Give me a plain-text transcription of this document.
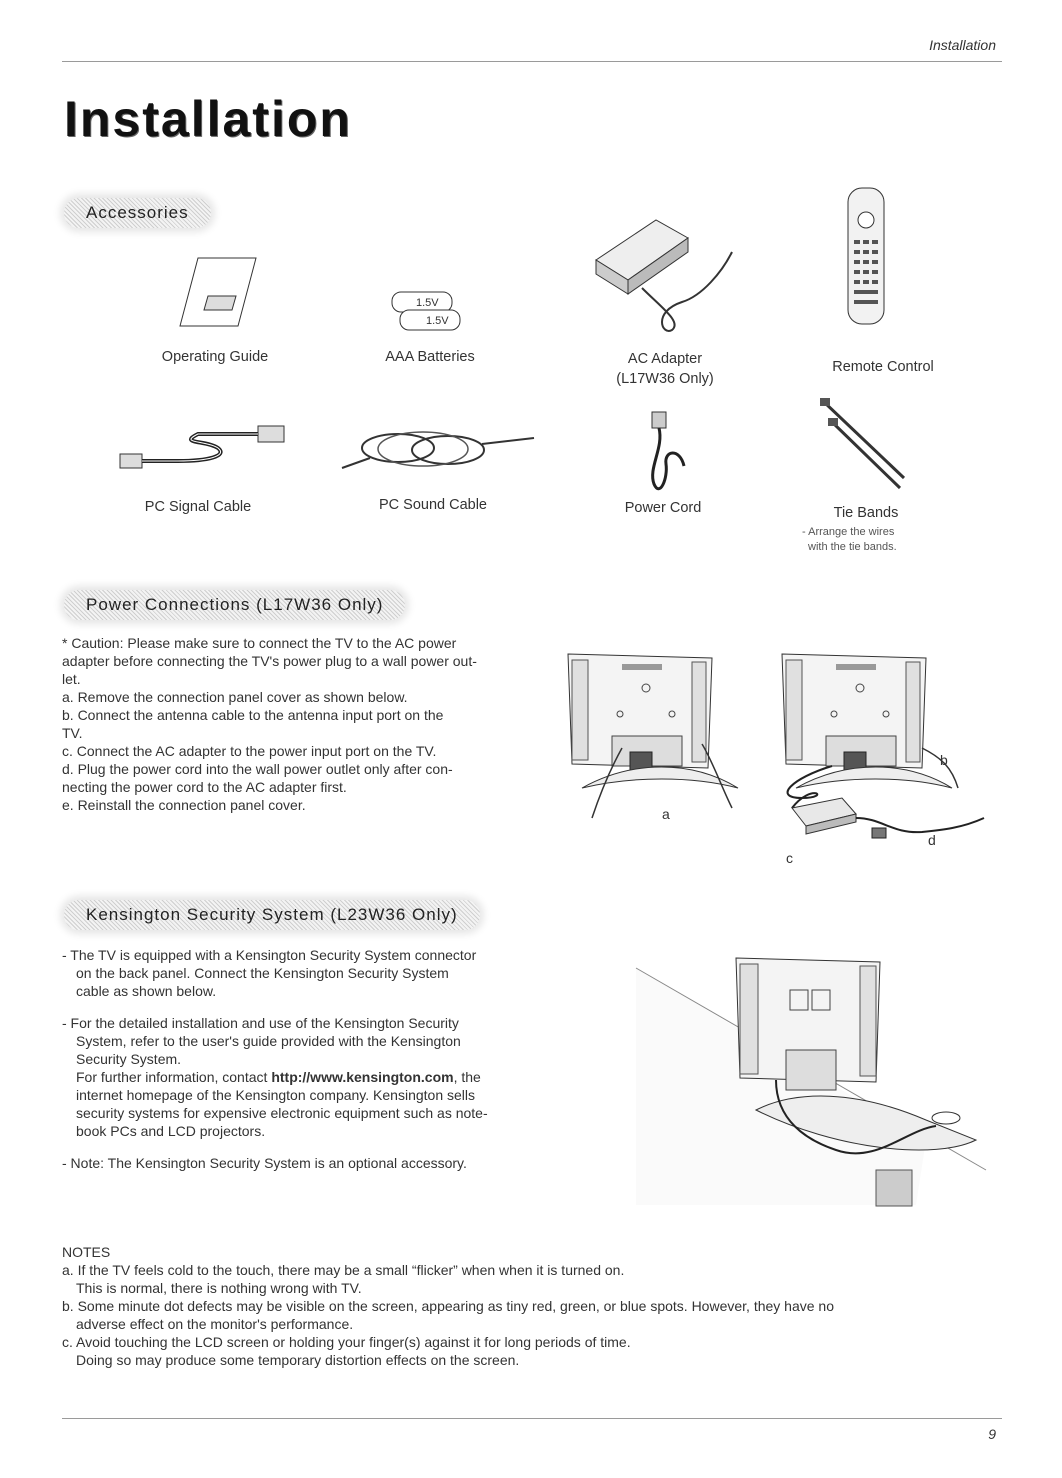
Installation
Installation
Accessories
Operating Guide
1.5V
1.5V
AAA Batteries	AC Adapter
(L17W36 Only)
Remote Control
PC Signal Cable	PC Sound Cable	Power Cord	Tie Bands
- Arrange the wires
with the tie bands.
Power Connections (L17W36 Only)

* Caution: Please make sure to connect the TV to the AC power

adapter before connecting the TV's power plug to a wall power out-

let.

a. Remove the connection panel cover as shown below.

b. Connect the antenna cable to the antenna input port on the

TV.

c. Connect the AC adapter to the power input port on the TV.

d. Plug the power cord into the wall power outlet only after con-

necting the power cord to the AC adapter first.

e. Reinstall the connection panel cover.

a
b
c
d
Kensington Security System (L23W36 Only)

- The TV is equipped with a Kensington Security System connector

on the back panel. Connect the Kensington Security System

cable as shown below.

- For the detailed installation and use of the Kensington Security

System, refer to the user's guide provided with the Kensington

Security System.

For further information, contact http://www.kensington.com, the

internet homepage of the Kensington company. Kensington sells

security systems for expensive electronic equipment such as note-

book PCs and LCD projectors.

- Note: The Kensington Security System is an optional accessory.

NOTES

a. If the TV feels cold to the touch, there may be a small “flicker” when when it is turned on.

This is normal, there is nothing wrong with TV.

b. Some minute dot defects may be visible on the screen, appearing as tiny red, green, or blue spots. However, they have no

adverse effect on the monitor's performance.

c. Avoid touching the LCD screen or holding your finger(s) against it for long periods of time.

Doing so may produce some temporary distortion effects on the screen.

9
